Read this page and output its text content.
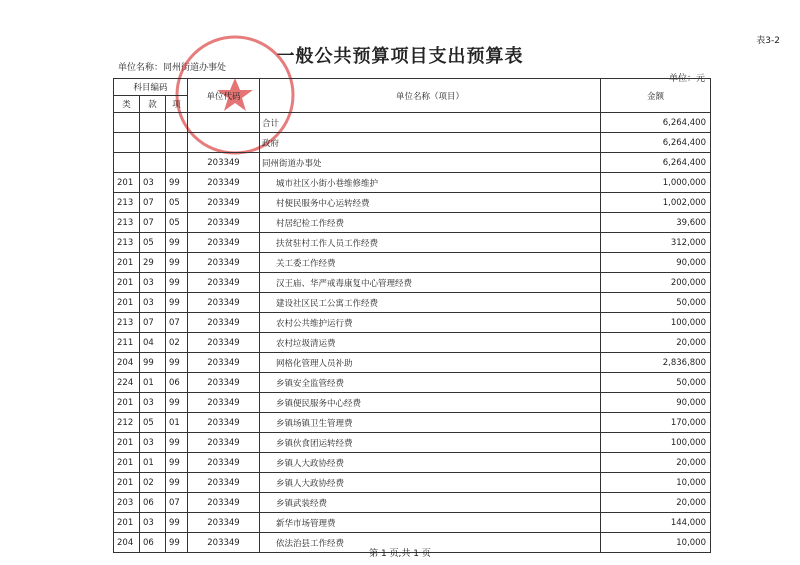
表3-2
一般公共预算项目支出预算表
单位名称：同州街道办事处
单位：元
科目编码			单位代码	单位名称（项目）	金额
类	款	项			
				合计	6,264,400
				政府	6,264,400
			203349	同州街道办事处	6,264,400
201	03	99	203349	城市社区小街小巷维修维护	1,000,000
213	07	05	203349	村便民服务中心运转经费	1,002,000
213	07	05	203349	村居纪检工作经费	39,600
213	05	99	203349	扶贫驻村工作人员工作经费	312,000
201	29	99	203349	关工委工作经费	90,000
201	03	99	203349	汉王庙、华严戒毒康复中心管理经费	200,000
201	03	99	203349	建设社区民工公寓工作经费	50,000
213	07	07	203349	农村公共维护运行费	100,000
211	04	02	203349	农村垃圾清运费	20,000
204	99	99	203349	网格化管理人员补助	2,836,800
224	01	06	203349	乡镇安全监管经费	50,000
201	03	99	203349	乡镇便民服务中心经费	90,000
212	05	01	203349	乡镇场镇卫生管理费	170,000
201	03	99	203349	乡镇伙食团运转经费	100,000
201	01	99	203349	乡镇人大政协经费	20,000
201	02	99	203349	乡镇人大政协经费	10,000
203	06	07	203349	乡镇武装经费	20,000
201	03	99	203349	新华市场管理费	144,000
204	06	99	203349	依法治县工作经费	10,000
第 1 页,共 1 页
